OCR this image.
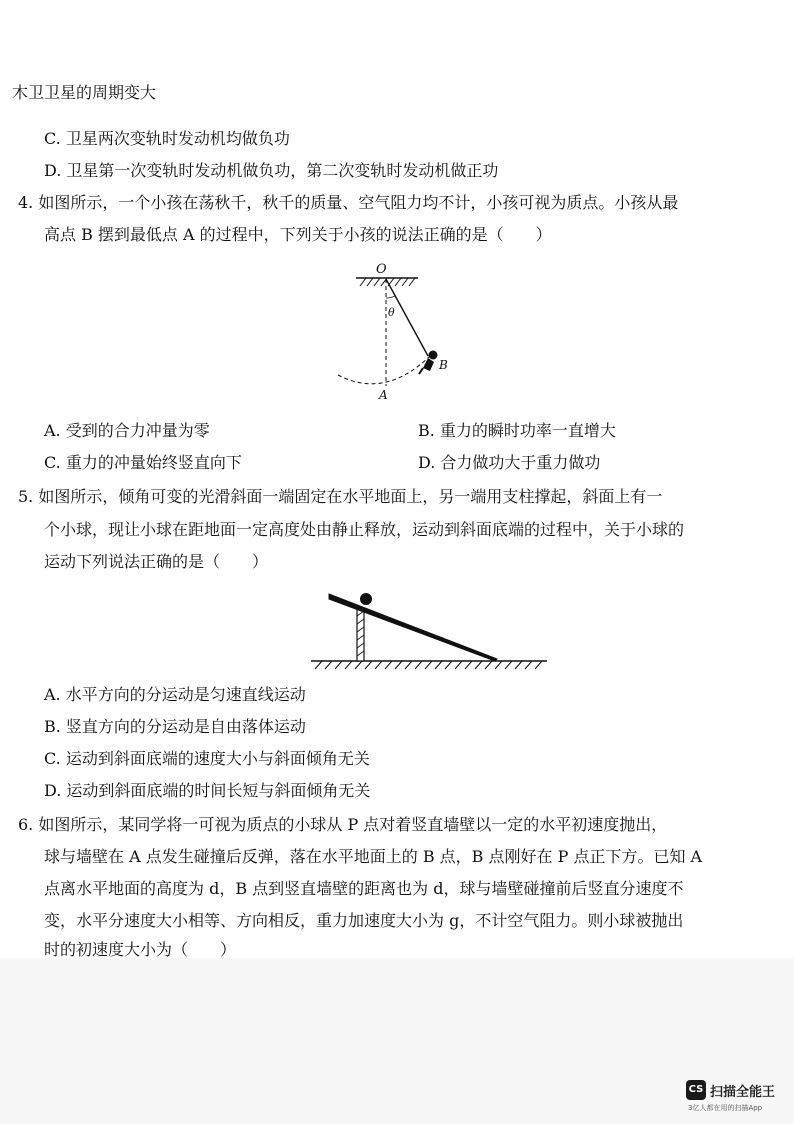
木卫卫星的周期变大
C. 卫星两次变轨时发动机均做负功
D. 卫星第一次变轨时发动机做负功，第二次变轨时发动机做正功
4. 如图所示，一个小孩在荡秋千，秋千的质量、空气阻力均不计，小孩可视为质点。小孩从最
高点 B 摆到最低点 A 的过程中，下列关于小孩的说法正确的是（　　）
O
θ
B
A
A. 受到的合力冲量为零	B. 重力的瞬时功率一直增大
C. 重力的冲量始终竖直向下	D. 合力做功大于重力做功
5. 如图所示，倾角可变的光滑斜面一端固定在水平地面上，另一端用支柱撑起，斜面上有一
个小球，现让小球在距地面一定高度处由静止释放，运动到斜面底端的过程中，关于小球的
运动下列说法正确的是（　　）
A. 水平方向的分运动是匀速直线运动
B. 竖直方向的分运动是自由落体运动
C. 运动到斜面底端的速度大小与斜面倾角无关
D. 运动到斜面底端的时间长短与斜面倾角无关
6. 如图所示，某同学将一可视为质点的小球从 P 点对着竖直墙壁以一定的水平初速度抛出，
球与墙壁在 A 点发生碰撞后反弹，落在水平地面上的 B 点，B 点刚好在 P 点正下方。已知 A
点离水平地面的高度为 d，B 点到竖直墙壁的距离也为 d，球与墙壁碰撞前后竖直分速度不
变，水平分速度大小相等、方向相反，重力加速度大小为 g，不计空气阻力。则小球被抛出
时的初速度大小为（　　）
CS 扫描全能王
3亿人都在用的扫描App
